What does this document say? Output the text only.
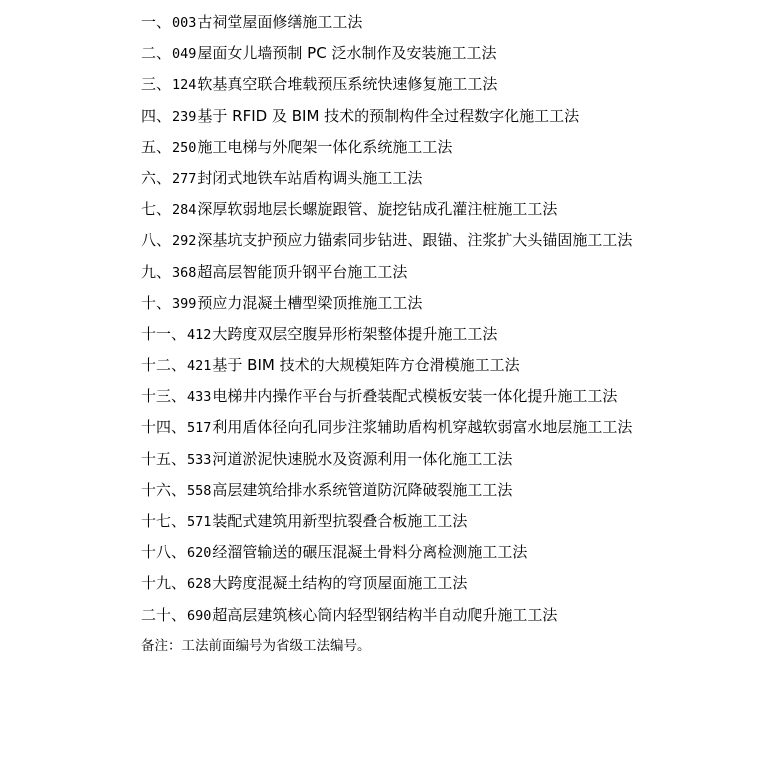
一、003古祠堂屋面修缮施工工法
二、049屋面女儿墙预制 PC 泛水制作及安装施工工法
三、124软基真空联合堆载预压系统快速修复施工工法
四、239基于 RFID 及 BIM 技术的预制构件全过程数字化施工工法
五、250施工电梯与外爬架一体化系统施工工法
六、277封闭式地铁车站盾构调头施工工法
七、284深厚软弱地层长螺旋跟管、旋挖钻成孔灌注桩施工工法
八、292深基坑支护预应力锚索同步钻进、跟锚、注浆扩大头锚固施工工法
九、368超高层智能顶升钢平台施工工法
十、399预应力混凝土槽型梁顶推施工工法
十一、412大跨度双层空腹异形桁架整体提升施工工法
十二、421基于 BIM 技术的大规模矩阵方仓滑模施工工法
十三、433电梯井内操作平台与折叠装配式模板安装一体化提升施工工法
十四、517利用盾体径向孔同步注浆辅助盾构机穿越软弱富水地层施工工法
十五、533河道淤泥快速脱水及资源利用一体化施工工法
十六、558高层建筑给排水系统管道防沉降破裂施工工法
十七、571装配式建筑用新型抗裂叠合板施工工法
十八、620经溜管输送的碾压混凝土骨料分离检测施工工法
十九、628大跨度混凝土结构的穹顶屋面施工工法
二十、690超高层建筑核心筒内轻型钢结构半自动爬升施工工法
备注：工法前面编号为省级工法编号。
